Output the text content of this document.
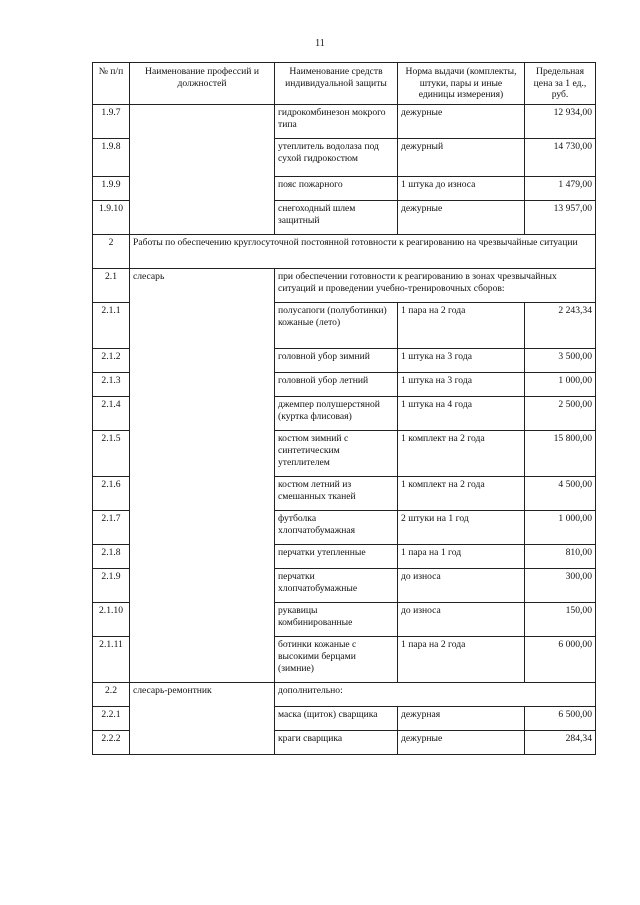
11
№ п/п	Наименование профессий и должностей	Наименование средств индивидуальной защиты	Норма выдачи (комплекты, штуки, пары и иные единицы измерения)	Предельная цена за 1 ед., руб.
1.9.7		гидрокомбинезон мокрого типа	дежурные	12 934,00
1.9.8		утеплитель водолаза под сухой гидрокостюм	дежурный	14 730,00
1.9.9		пояс пожарного	1 штука до износа	1 479,00
1.9.10		снегоходный шлем защитный	дежурные	13 957,00
2	Работы по обеспечению круглосуточной постоянной готовности к реагированию на чрезвычайные ситуации			
2.1	слесарь	при обеспечении готовности к реагированию в зонах чрезвычайных ситуаций и проведении учебно-тренировочных сборов:		
2.1.1		полусапоги (полуботинки) кожаные (лето)	1 пара на 2 года	2 243,34
2.1.2		головной убор зимний	1 штука на 3 года	3 500,00
2.1.3		головной убор летний	1 штука на 3 года	1 000,00
2.1.4		джемпер полушерстяной (куртка флисовая)	1 штука на 4 года	2 500,00
2.1.5		костюм зимний с синтетическим утеплителем	1 комплект на 2 года	15 800,00
2.1.6		костюм летний из смешанных тканей	1 комплект на 2 года	4 500,00
2.1.7		футболка хлопчатобумажная	2 штуки на 1 год	1 000,00
2.1.8		перчатки утепленные	1 пара на 1 год	810,00
2.1.9		перчатки хлопчатобумажные	до износа	300,00
2.1.10		рукавицы комбинированные	до износа	150,00
2.1.11		ботинки кожаные с высокими берцами (зимние)	1 пара на 2 года	6 000,00
2.2	слесарь-ремонтник	дополнительно:		
2.2.1		маска (щиток) сварщика	дежурная	6 500,00
2.2.2		краги сварщика	дежурные	284,34
